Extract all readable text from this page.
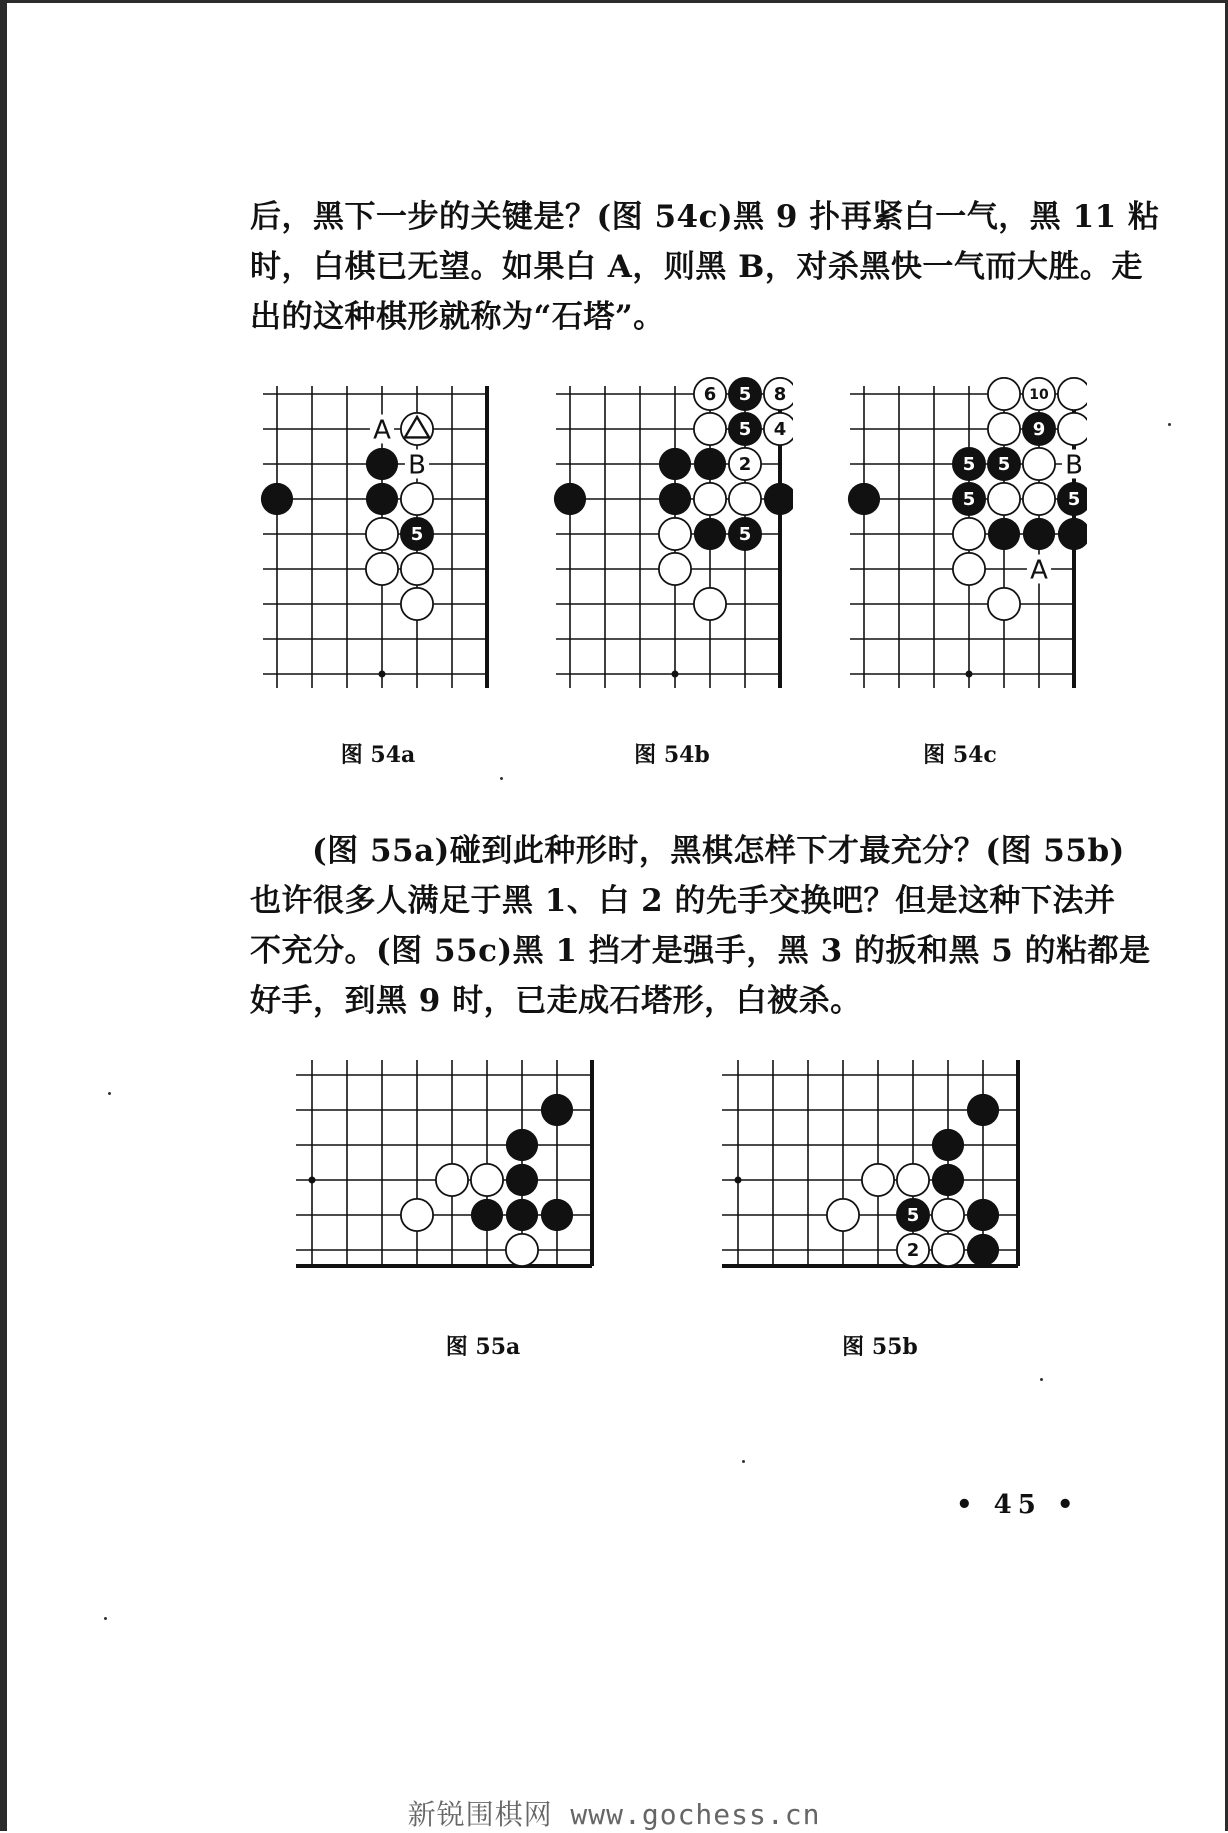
后，黑下一步的关键是？(图 54c)黑 9 扑再紧白一气，黑 11 粘

时，白棋已无望。如果白 A，则黑 B，对杀黑快一气而大胜。走

出的这种棋形就称为“石塔”。

5
A
B
6 5 8
5 4
2
5
10
9
5 5
5	5
B
A
图 54a	图 54b	图 54c

(图 55a)碰到此种形时，黑棋怎样下才最充分？(图 55b)

也许很多人满足于黑 1、白 2 的先手交换吧？但是这种下法并

不充分。(图 55c)黑 1 挡才是强手，黑 3 的扳和黑 5 的粘都是

好手，到黑 9 时，已走成石塔形，白被杀。

5
2
图 55a	图 55b
• 45 •
新锐围棋网 www.gochess.cn
